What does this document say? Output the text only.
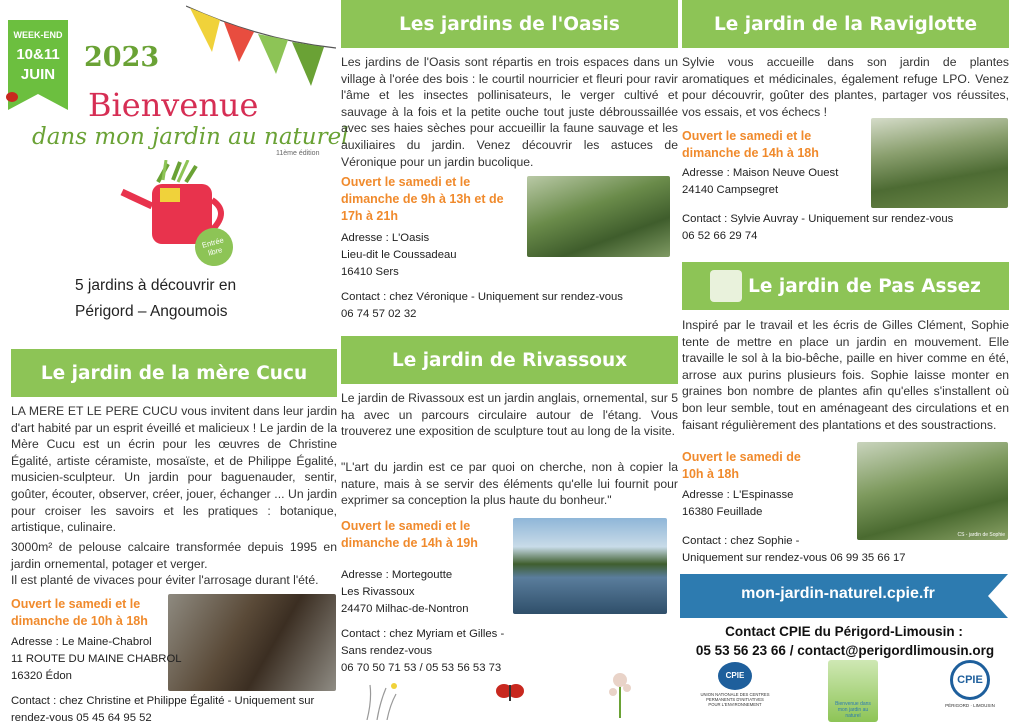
WEEK-END
10&11
JUIN
2023
Bienvenue
dans mon jardin au naturel
11ème édition
Entrée libre
5 jardins à découvrir en
Périgord – Angoumois
Les jardins de l'Oasis
Les jardins de l'Oasis sont répartis en trois espaces dans un village à l'orée des bois : le courtil nourricier et fleuri pour ravir l'âme et les insectes pollinisateurs, le verger cultivé et sauvage à la fois et la petite ouche tout juste débroussaillée avec ses haies sèches pour accueillir la faune sauvage et les auxiliaires du jardin. Venez découvrir les astuces de Véronique pour un jardin bucolique.
Ouvert le samedi et le dimanche de 9h à 13h et de 17h à 21h
Adresse : L'Oasis
Lieu-dit le Coussadeau
16410 Sers
Contact : chez Véronique - Uniquement sur rendez-vous
06 74 57 02 32
Le jardin de la Raviglotte
Sylvie vous accueille dans son jardin de plantes aromatiques et médicinales, également refuge LPO. Venez pour découvrir, goûter des plantes, partager vos réussites, vos essais, et vos échecs !
Ouvert le samedi et le dimanche de 14h à 18h
Adresse : Maison Neuve Ouest
24140 Campsegret
Contact : Sylvie Auvray - Uniquement sur rendez-vous
06 52 66 29 74
Le jardin de Pas Assez
Inspiré par le travail et les écris de Gilles Clément, Sophie tente de mettre en place un jardin en mouvement. Elle travaille le sol à la bio-bêche, paille en hiver comme en été, arrose aux purins plusieurs fois. Sophie laisse monter en graines bon nombre de plantes afin qu'elles s'installent où bon leur semble, tout en aménageant des circulations et en faisant régulièrement des plantations et des soustractions.
Ouvert le samedi de 10h à 18h
CS - jardin de Sophie
Adresse : L'Espinasse
16380 Feuillade
Contact : chez Sophie -
Uniquement sur rendez-vous 06 99 35 66 17
Le jardin de la mère Cucu
LA MERE ET LE PERE CUCU vous invitent dans leur jardin d'art habité par un esprit éveillé et malicieux ! Le jardin de la Mère Cucu est un écrin pour les œuvres de Christine Égalité, artiste céramiste, mosaïste, et de Philippe Égalité, musicien-sculpteur. Un jardin pour baguenauder, sentir, goûter, écouter, observer, créer, jouer, échanger ... Un jardin pour croiser les savoirs et les pratiques : botanique, artistique, culinaire.
3000m² de pelouse calcaire transformée depuis 1995 en jardin ornemental, potager et verger.
Il est planté de vivaces pour éviter l'arrosage durant l'été.
Ouvert le samedi et le dimanche de 10h à 18h
Adresse : Le Maine-Chabrol
11 ROUTE DU MAINE CHABROL
16320 Édon
Contact : chez Christine et Philippe Égalité - Uniquement sur
rendez-vous 05 45 64 95 52
Le jardin de Rivassoux
Le jardin de Rivassoux est un jardin anglais, ornemental, sur 5 ha avec un parcours circulaire autour de l'étang. Vous trouverez une exposition de sculpture tout au long de la visite.
"L'art du jardin est ce par quoi on cherche, non à copier la nature, mais à se servir des éléments qu'elle lui fournit pour exprimer sa conception la plus haute du bonheur."
Ouvert le samedi et le dimanche de 14h à 19h
Adresse : Mortegoutte
Les Rivassoux
24470 Milhac-de-Nontron
Contact : chez Myriam et Gilles -
Sans rendez-vous
06 70 50 71 53 / 05 53 56 53 73
mon-jardin-naturel.cpie.fr
Contact CPIE du Périgord-Limousin :
05 53 56 23 66 / contact@perigordlimousin.org
CPIE
UNION NATIONALE DES CENTRES PERMANENTS D'INITIATIVES POUR L'ENVIRONNEMENT	Bienvenue dans mon jardin au naturel
CPIE
PÉRIGORD · LIMOUSIN
